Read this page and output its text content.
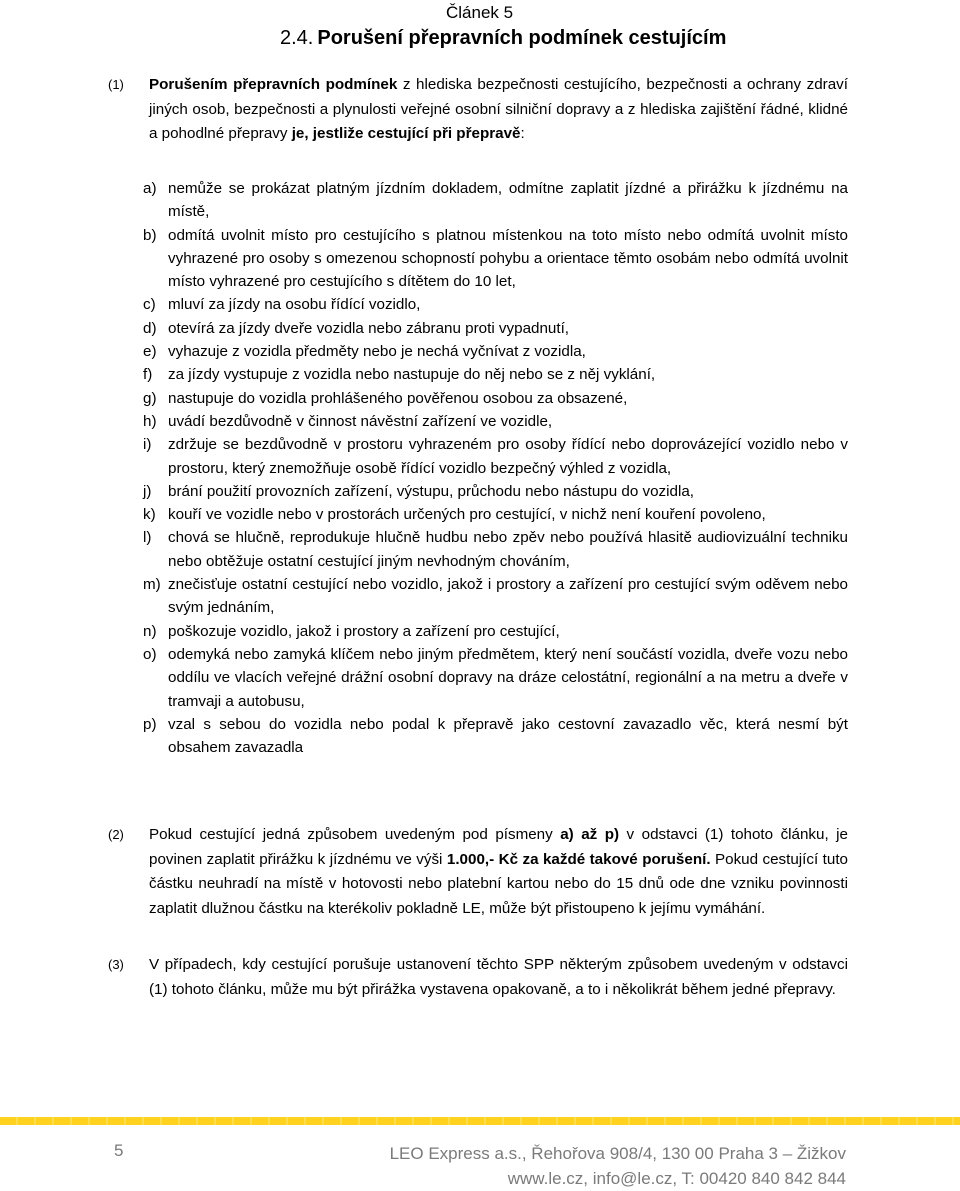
Článek 5
2.4. Porušení přepravních podmínek cestujícím
(1)	Porušením přepravních podmínek z hlediska bezpečnosti cestujícího, bezpečnosti a ochrany zdraví jiných osob, bezpečnosti a plynulosti veřejné osobní silniční dopravy a z hlediska zajištění řádné, klidné a pohodlné přepravy je, jestliže cestující při přepravě:
a) nemůže se prokázat platným jízdním dokladem, odmítne zaplatit jízdné a přirážku k jízdnému na místě,
b) odmítá uvolnit místo pro cestujícího s platnou místenkou na toto místo nebo odmítá uvolnit místo vyhrazené pro osoby s omezenou schopností pohybu a orientace těmto osobám nebo odmítá uvolnit místo vyhrazené pro cestujícího s dítětem do 10 let,
c) mluví za jízdy na osobu řídící vozidlo,
d) otevírá za jízdy dveře vozidla nebo zábranu proti vypadnutí,
e) vyhazuje z vozidla předměty nebo je nechá vyčnívat z vozidla,
f) za jízdy vystupuje z vozidla nebo nastupuje do něj nebo se z něj vyklání,
g) nastupuje do vozidla prohlášeného pověřenou osobou za obsazené,
h) uvádí bezdůvodně v činnost návěstní zařízení ve vozidle,
i) zdržuje se bezdůvodně v prostoru vyhrazeném pro osoby řídící nebo doprovázející vozidlo nebo v prostoru, který znemožňuje osobě řídící vozidlo bezpečný výhled z vozidla,
j) brání použití provozních zařízení, výstupu, průchodu nebo nástupu do vozidla,
k) kouří ve vozidle nebo v prostorách určených pro cestující, v nichž není kouření povoleno,
l) chová se hlučně, reprodukuje hlučně hudbu nebo zpěv nebo používá hlasitě audiovizuální techniku nebo obtěžuje ostatní cestující jiným nevhodným chováním,
m) znečisťuje ostatní cestující nebo vozidlo, jakož i prostory a zařízení pro cestující svým oděvem nebo svým jednáním,
n) poškozuje vozidlo, jakož i prostory a zařízení pro cestující,
o) odemyká nebo zamyká klíčem nebo jiným předmětem, který není součástí vozidla, dveře vozu nebo oddílu ve vlacích veřejné drážní osobní dopravy na dráze celostátní, regionální a na metru a dveře v tramvaji a autobusu,
p) vzal s sebou do vozidla nebo podal k přepravě jako cestovní zavazadlo věc, která nesmí být obsahem zavazadla
(2)	Pokud cestující jedná způsobem uvedeným pod písmeny a) až p) v odstavci (1) tohoto článku, je povinen zaplatit přirážku k jízdnému ve výši 1.000,- Kč za každé takové porušení. Pokud cestující tuto částku neuhradí na místě v hotovosti nebo platební kartou nebo do 15 dnů ode dne vzniku povinnosti zaplatit dlužnou částku na kterékoliv pokladně LE, může být přistoupeno k jejímu vymáhání.
(3)	V případech, kdy cestující porušuje ustanovení těchto SPP některým způsobem uvedeným v odstavci (1) tohoto článku, může mu být přirážka vystavena opakovaně, a to i několikrát během jedné přepravy.
5	LEO Express a.s., Řehořova 908/4, 130 00 Praha 3 – Žižkov
www.le.cz, info@le.cz, T: 00420 840 842 844
